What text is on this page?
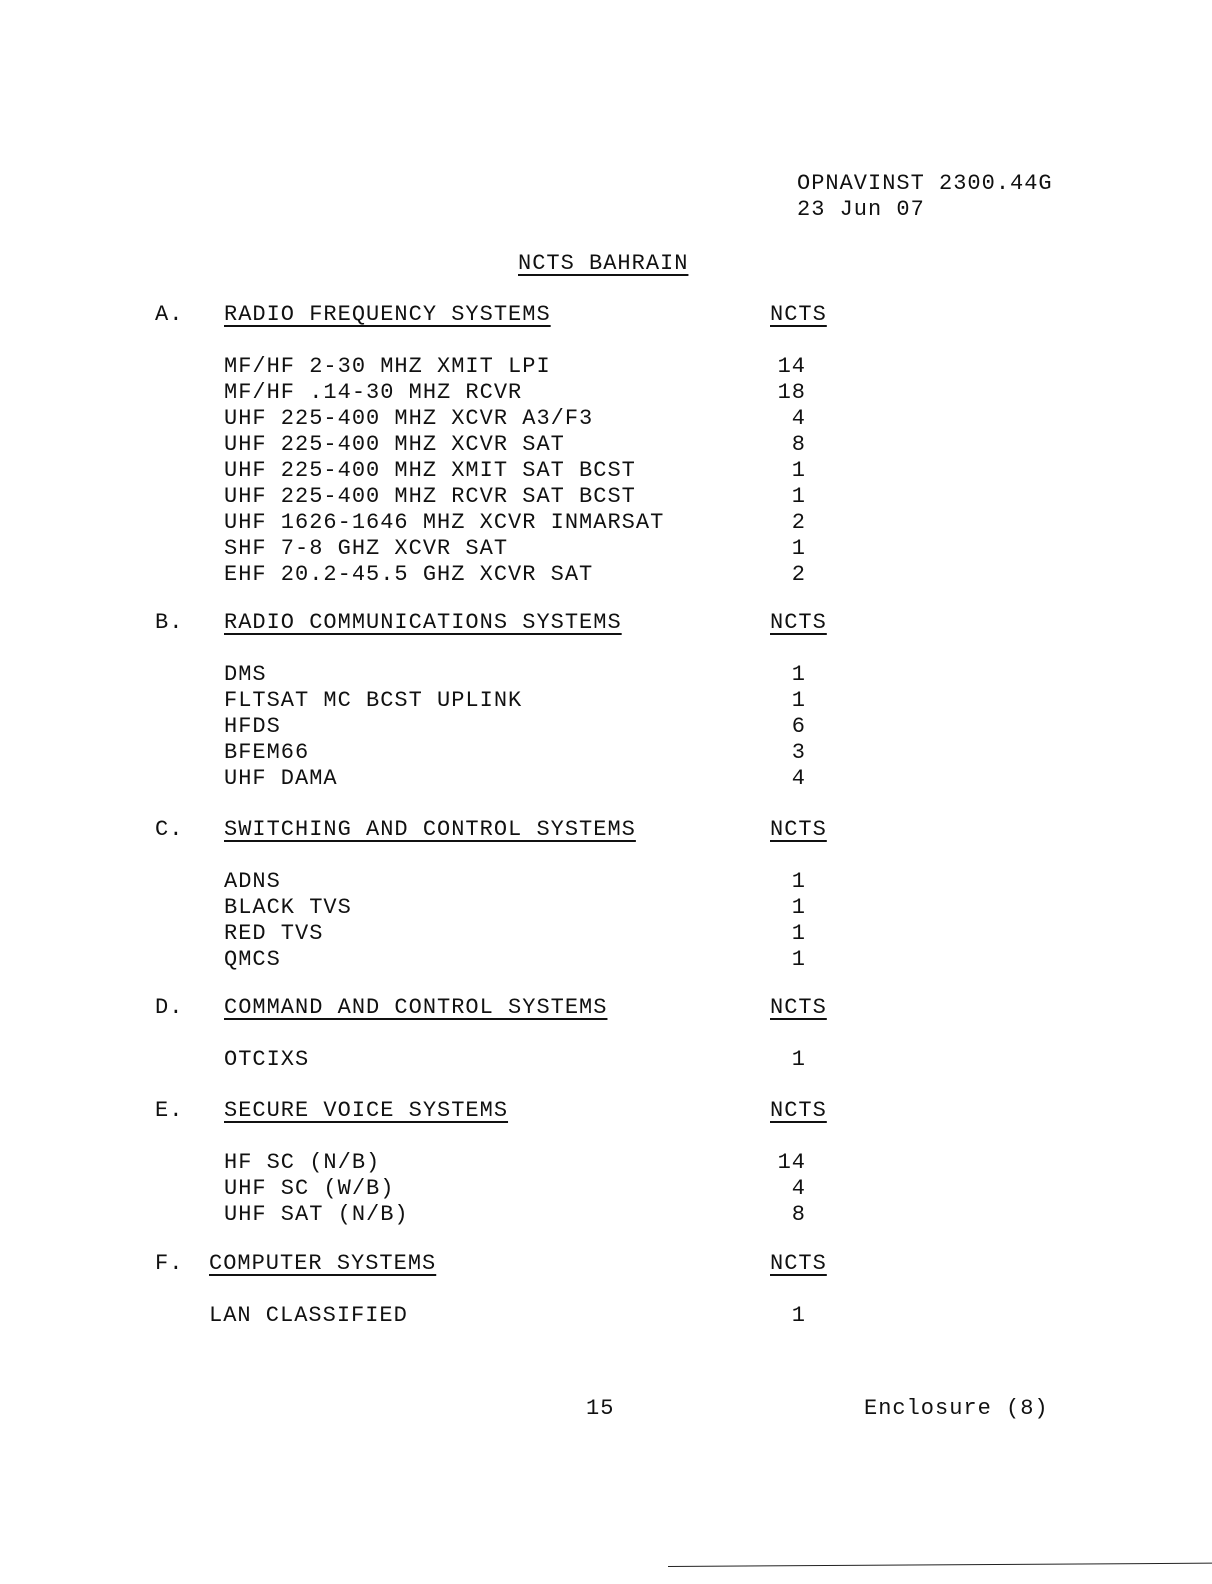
OPNAVINST 2300.44G
23 Jun 07
NCTS BAHRAIN
A. RADIO FREQUENCY SYSTEMS	NCTS
MF/HF 2-30 MHZ XMIT LPI	14
MF/HF .14-30 MHZ RCVR	18
UHF 225-400 MHZ XCVR A3/F3	4
UHF 225-400 MHZ XCVR SAT	8
UHF 225-400 MHZ XMIT SAT BCST	1
UHF 225-400 MHZ RCVR SAT BCST	1
UHF 1626-1646 MHZ XCVR INMARSAT	2
SHF 7-8 GHZ XCVR SAT	1
EHF 20.2-45.5 GHZ XCVR SAT	2
B. RADIO COMMUNICATIONS SYSTEMS	NCTS
DMS	1
FLTSAT MC BCST UPLINK	1
HFDS	6
BFEM66	3
UHF DAMA	4
C. SWITCHING AND CONTROL SYSTEMS	NCTS
ADNS	1
BLACK TVS	1
RED TVS	1
QMCS	1
D. COMMAND AND CONTROL SYSTEMS	NCTS
OTCIXS	1
E. SECURE VOICE SYSTEMS	NCTS
HF SC (N/B)	14
UHF SC (W/B)	4
UHF SAT (N/B)	8
F. COMPUTER SYSTEMS	NCTS
LAN CLASSIFIED	1
15	Enclosure (8)
